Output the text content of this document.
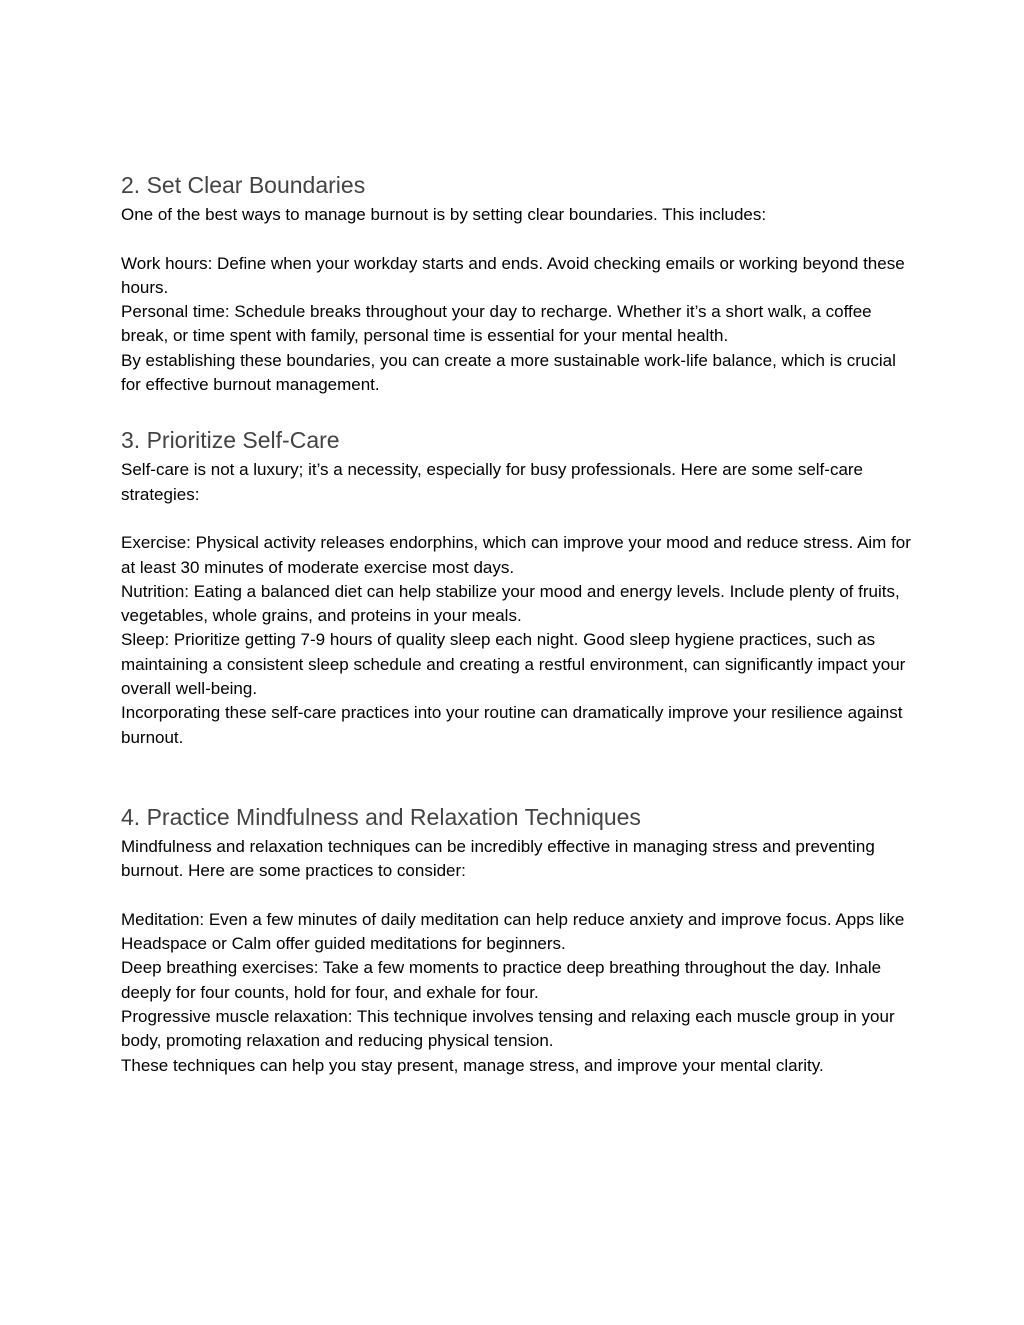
2. Set Clear Boundaries

One of the best ways to manage burnout is by setting clear boundaries. This includes:

Work hours: Define when your workday starts and ends. Avoid checking emails or working beyond these hours.

Personal time: Schedule breaks throughout your day to recharge. Whether it’s a short walk, a coffee break, or time spent with family, personal time is essential for your mental health.

By establishing these boundaries, you can create a more sustainable work-life balance, which is crucial for effective burnout management.

3. Prioritize Self-Care

Self-care is not a luxury; it’s a necessity, especially for busy professionals. Here are some self-care strategies:

Exercise: Physical activity releases endorphins, which can improve your mood and reduce stress. Aim for at least 30 minutes of moderate exercise most days.

Nutrition: Eating a balanced diet can help stabilize your mood and energy levels. Include plenty of fruits, vegetables, whole grains, and proteins in your meals.

Sleep: Prioritize getting 7-9 hours of quality sleep each night. Good sleep hygiene practices, such as maintaining a consistent sleep schedule and creating a restful environment, can significantly impact your overall well-being.

Incorporating these self-care practices into your routine can dramatically improve your resilience against burnout.

4. Practice Mindfulness and Relaxation Techniques

Mindfulness and relaxation techniques can be incredibly effective in managing stress and preventing burnout. Here are some practices to consider:

Meditation: Even a few minutes of daily meditation can help reduce anxiety and improve focus. Apps like Headspace or Calm offer guided meditations for beginners.

Deep breathing exercises: Take a few moments to practice deep breathing throughout the day. Inhale deeply for four counts, hold for four, and exhale for four.

Progressive muscle relaxation: This technique involves tensing and relaxing each muscle group in your body, promoting relaxation and reducing physical tension.

These techniques can help you stay present, manage stress, and improve your mental clarity.
